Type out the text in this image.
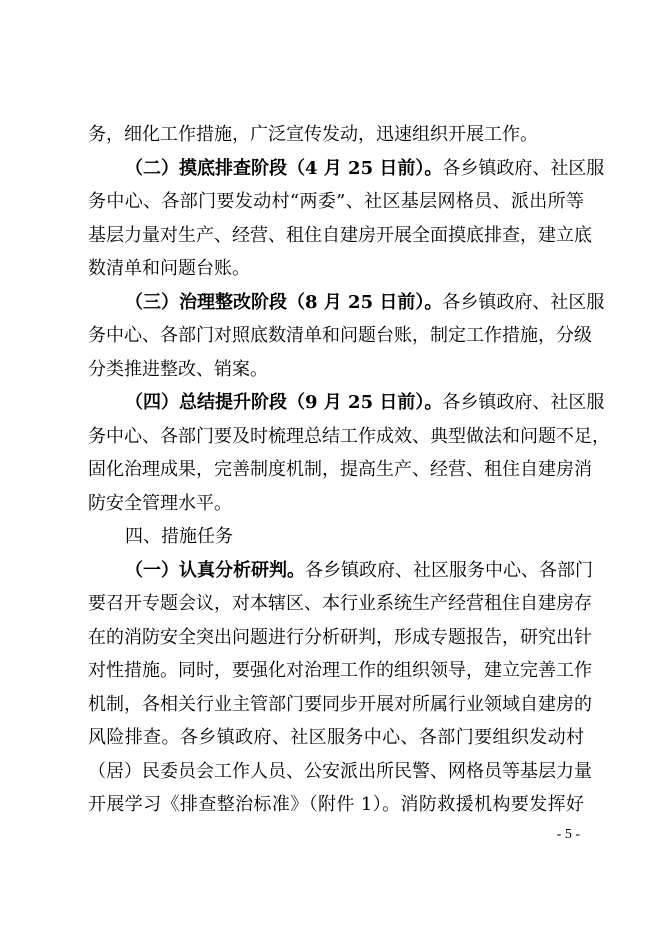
务，细化工作措施，广泛宣传发动，迅速组织开展工作。
（二）摸底排查阶段（4 月 25 日前）。各乡镇政府、社区服
务中心、各部门要发动村“两委”、社区基层网格员、派出所等
基层力量对生产、经营、租住自建房开展全面摸底排查，建立底
数清单和问题台账。
（三）治理整改阶段（8 月 25 日前）。各乡镇政府、社区服
务中心、各部门对照底数清单和问题台账，制定工作措施，分级
分类推进整改、销案。
（四）总结提升阶段（9 月 25 日前）。各乡镇政府、社区服
务中心、各部门要及时梳理总结工作成效、典型做法和问题不足，
固化治理成果，完善制度机制，提高生产、经营、租住自建房消
防安全管理水平。
四、措施任务
（一）认真分析研判。各乡镇政府、社区服务中心、各部门
要召开专题会议，对本辖区、本行业系统生产经营租住自建房存
在的消防安全突出问题进行分析研判，形成专题报告，研究出针
对性措施。同时，要强化对治理工作的组织领导，建立完善工作
机制，各相关行业主管部门要同步开展对所属行业领域自建房的
风险排查。各乡镇政府、社区服务中心、各部门要组织发动村
（居）民委员会工作人员、公安派出所民警、网格员等基层力量
开展学习《排查整治标准》（附件 1）。消防救援机构要发挥好
- 5 -
